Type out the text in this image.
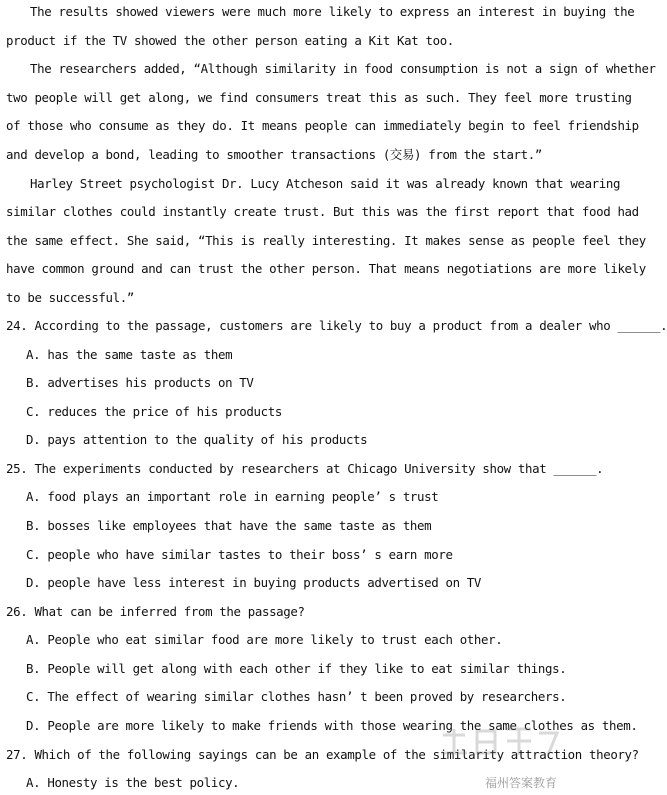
The results showed viewers were much more likely to express an interest in buying the
product if the TV showed the other person eating a Kit Kat too.
The researchers added, “Although similarity in food consumption is not a sign of whether
two people will get along, we find consumers treat this as such. They feel more trusting
of those who consume as they do. It means people can immediately begin to feel friendship
and develop a bond, leading to smoother transactions (交易) from the start.”
Harley Street psychologist Dr. Lucy Atcheson said it was already known that wearing
similar clothes could instantly create trust. But this was the first report that food had
the same effect. She said, “This is really interesting. It makes sense as people feel they
have common ground and can trust the other person. That means negotiations are more likely
to be successful.”
24. According to the passage, customers are likely to buy a product from a dealer who ______.
A. has the same taste as them
B. advertises his products on TV
C. reduces the price of his products
D. pays attention to the quality of his products
25. The experiments conducted by researchers at Chicago University show that ______.
A. food plays an important role in earning people’ s trust
B. bosses like employees that have the same taste as them
C. people who have similar tastes to their boss’ s earn more
D. people have less interest in buying products advertised on TV
26. What can be inferred from the passage?
A. People who eat similar food are more likely to trust each other.
B. People will get along with each other if they like to eat similar things.
C. The effect of wearing similar clothes hasn’ t been proved by researchers.
D. People are more likely to make friends with those wearing the same clothes as them.
27. Which of the following sayings can be an example of the similarity attraction theory?
A. Honesty is the best policy.	福州答案教育
